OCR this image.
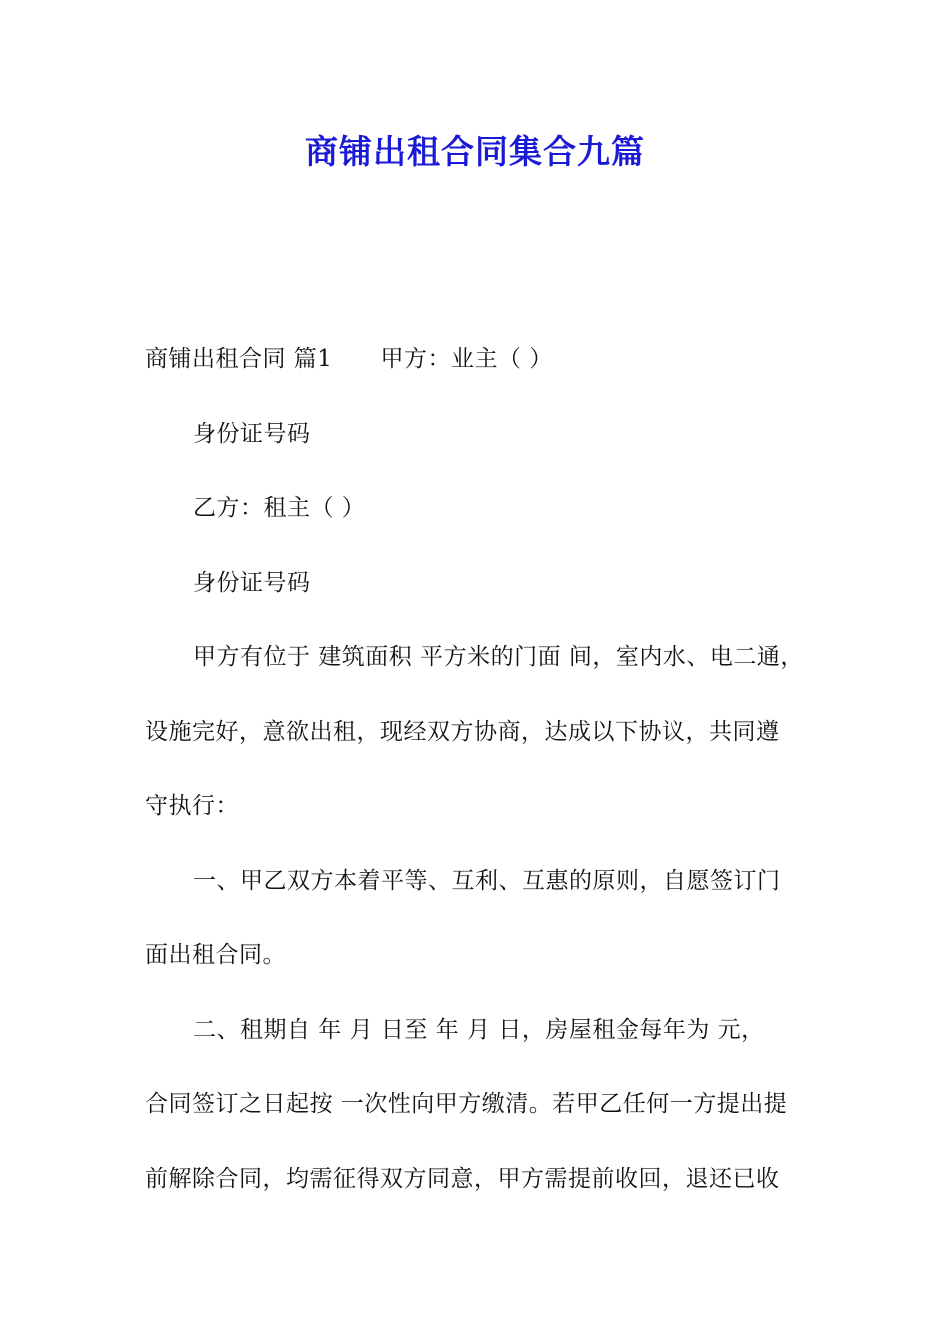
商铺出租合同集合九篇
商铺出租合同 篇1 甲方：业主（ ）
身份证号码
乙方：租主（ ）
身份证号码
甲方有位于 建筑面积 平方米的门面 间，室内水、电二通，
设施完好，意欲出租，现经双方协商，达成以下协议，共同遵
守执行：
一、甲乙双方本着平等、互利、互惠的原则，自愿签订门
面出租合同。
二、租期自 年 月 日至 年 月 日，房屋租金每年为 元，
合同签订之日起按 一次性向甲方缴清。若甲乙任何一方提出提
前解除合同，均需征得双方同意，甲方需提前收回，退还已收
